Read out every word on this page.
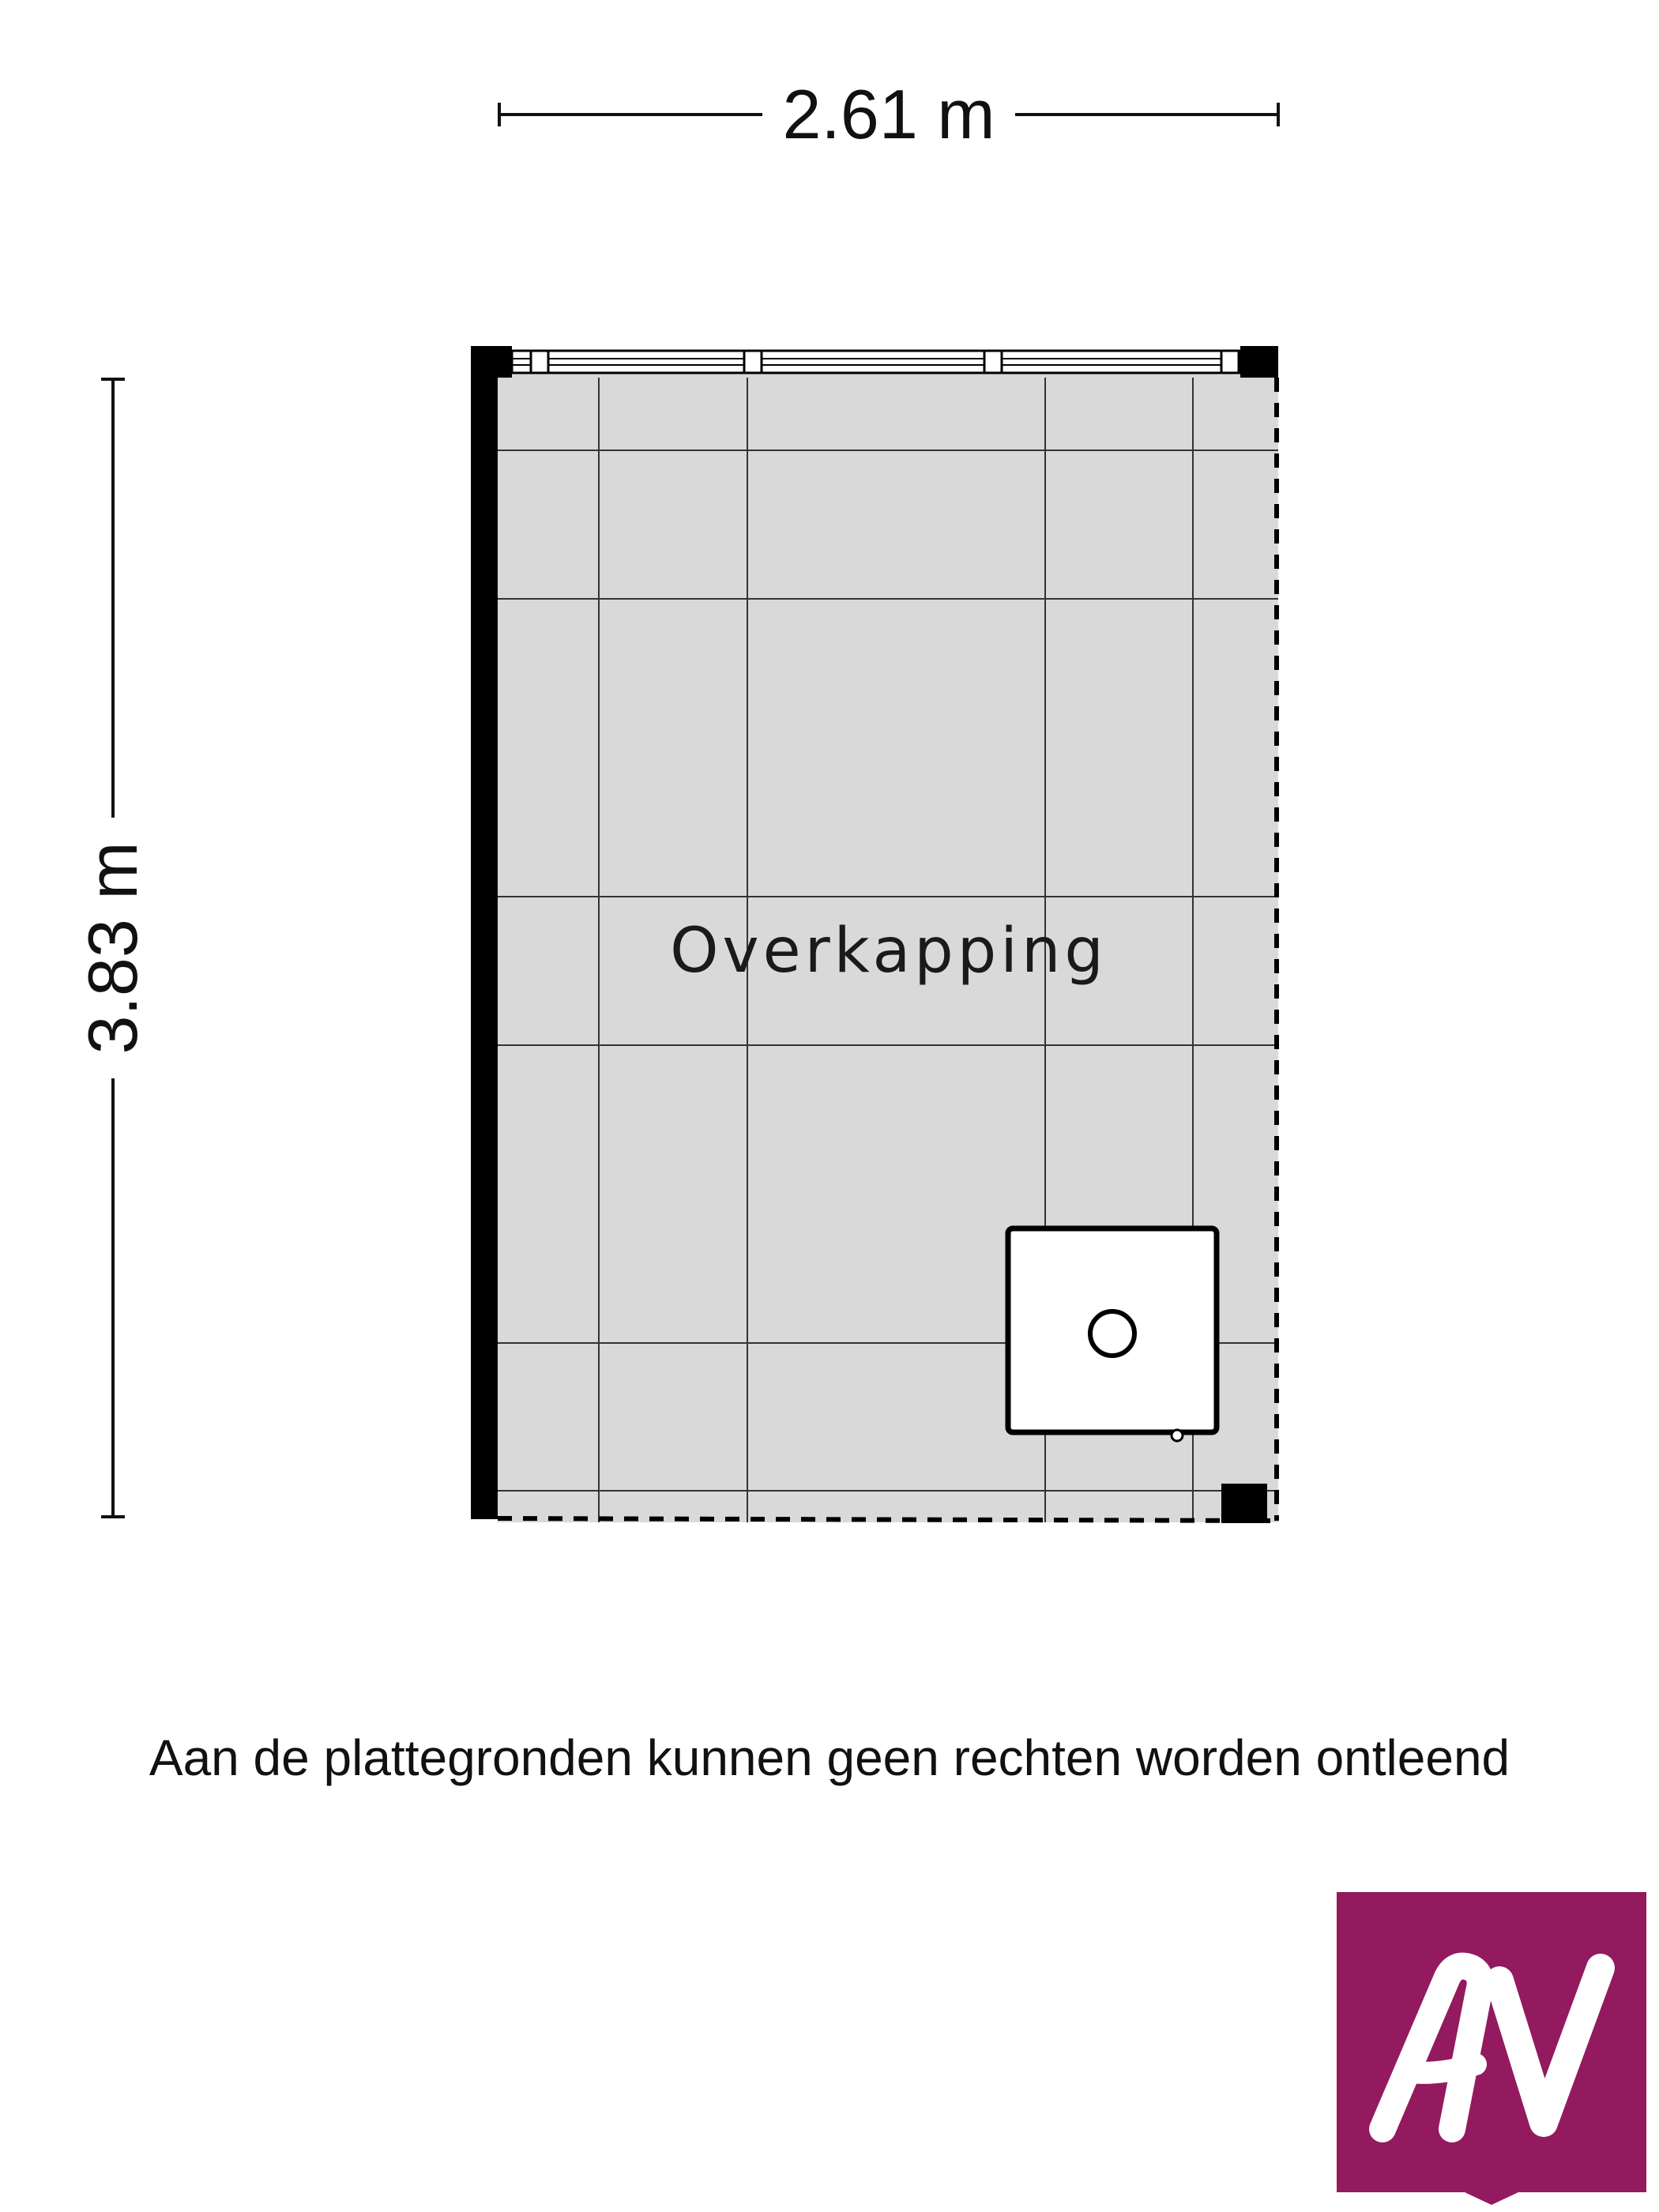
2.61 m
3.83 m	Overkapping
Aan de plattegronden kunnen geen rechten worden ontleend
